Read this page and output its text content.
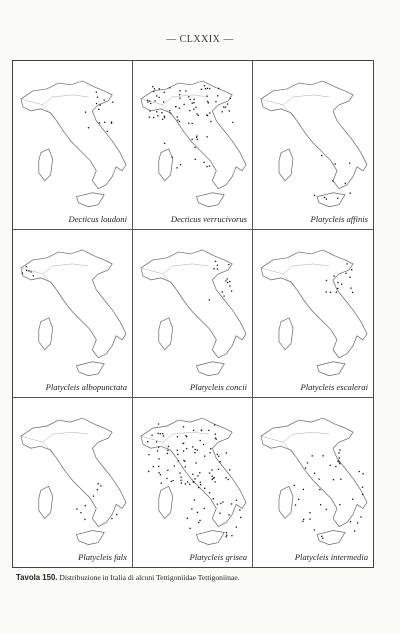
— CLXXIX —
Decticus loudoni	Decticus verrucivorus	Platycleis affinis
Platycleis albopunctata	Platycleis concii	Platycleis escalerai
Platycleis falx	Platycleis grisea	Platycleis intermedia
Tavola 150. Distribuzione in Italia di alcuni Tettigoniidae Tettigoniinae.
